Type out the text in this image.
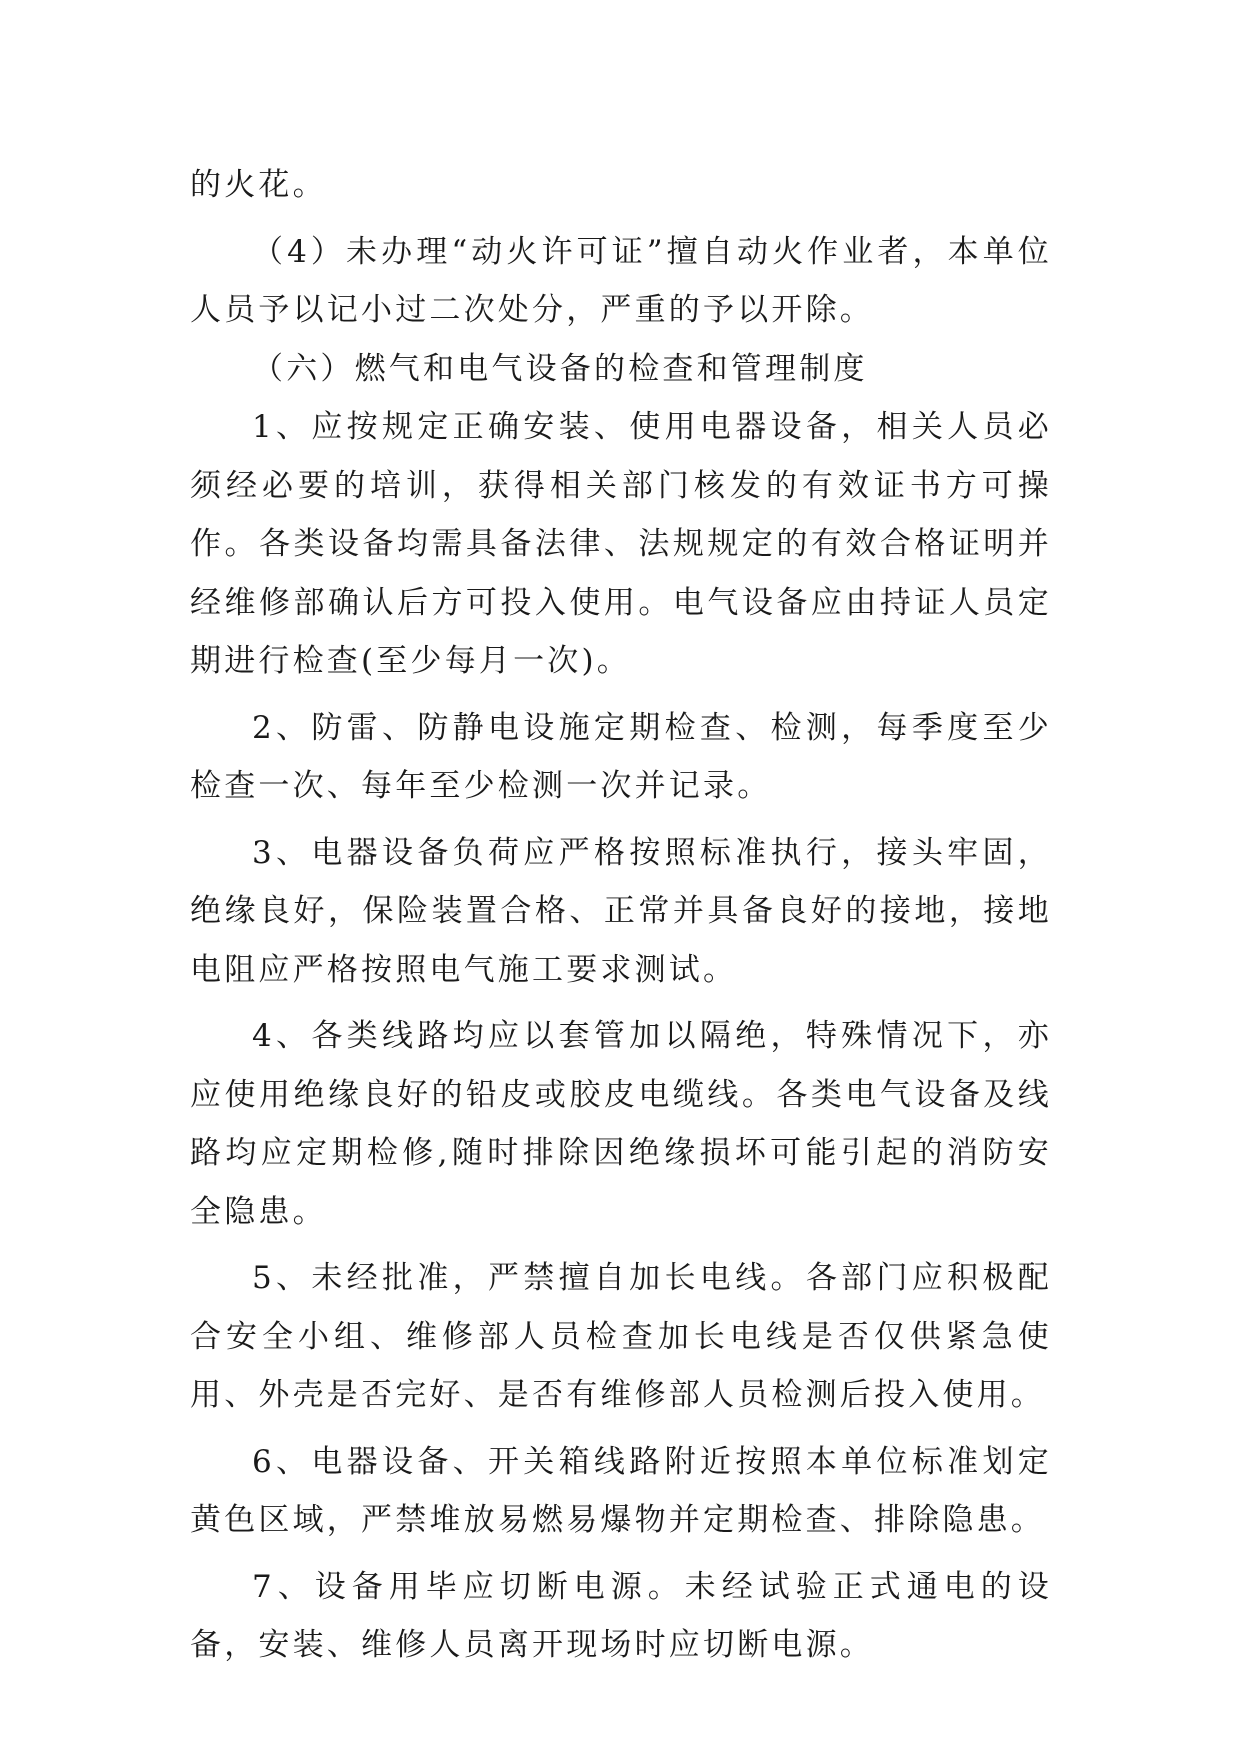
的火花。

（4）未办理“动火许可证”擅自动火作业者，本单位人员予以记小过二次处分，严重的予以开除。

（六）燃气和电气设备的检查和管理制度

1、应按规定正确安装、使用电器设备，相关人员必须经必要的培训，获得相关部门核发的有效证书方可操作。各类设备均需具备法律、法规规定的有效合格证明并经维修部确认后方可投入使用。电气设备应由持证人员定期进行检查(至少每月一次)。

2、防雷、防静电设施定期检查、检测，每季度至少检查一次、每年至少检测一次并记录。

3、电器设备负荷应严格按照标准执行，接头牢固，绝缘良好，保险装置合格、正常并具备良好的接地，接地电阻应严格按照电气施工要求测试。

4、各类线路均应以套管加以隔绝，特殊情况下，亦应使用绝缘良好的铅皮或胶皮电缆线。各类电气设备及线路均应定期检修,随时排除因绝缘损坏可能引起的消防安全隐患。

5、未经批准，严禁擅自加长电线。各部门应积极配合安全小组、维修部人员检查加长电线是否仅供紧急使用、外壳是否完好、是否有维修部人员检测后投入使用。

6、电器设备、开关箱线路附近按照本单位标准划定黄色区域，严禁堆放易燃易爆物并定期检查、排除隐患。

7、设备用毕应切断电源。未经试验正式通电的设备，安装、维修人员离开现场时应切断电源。
